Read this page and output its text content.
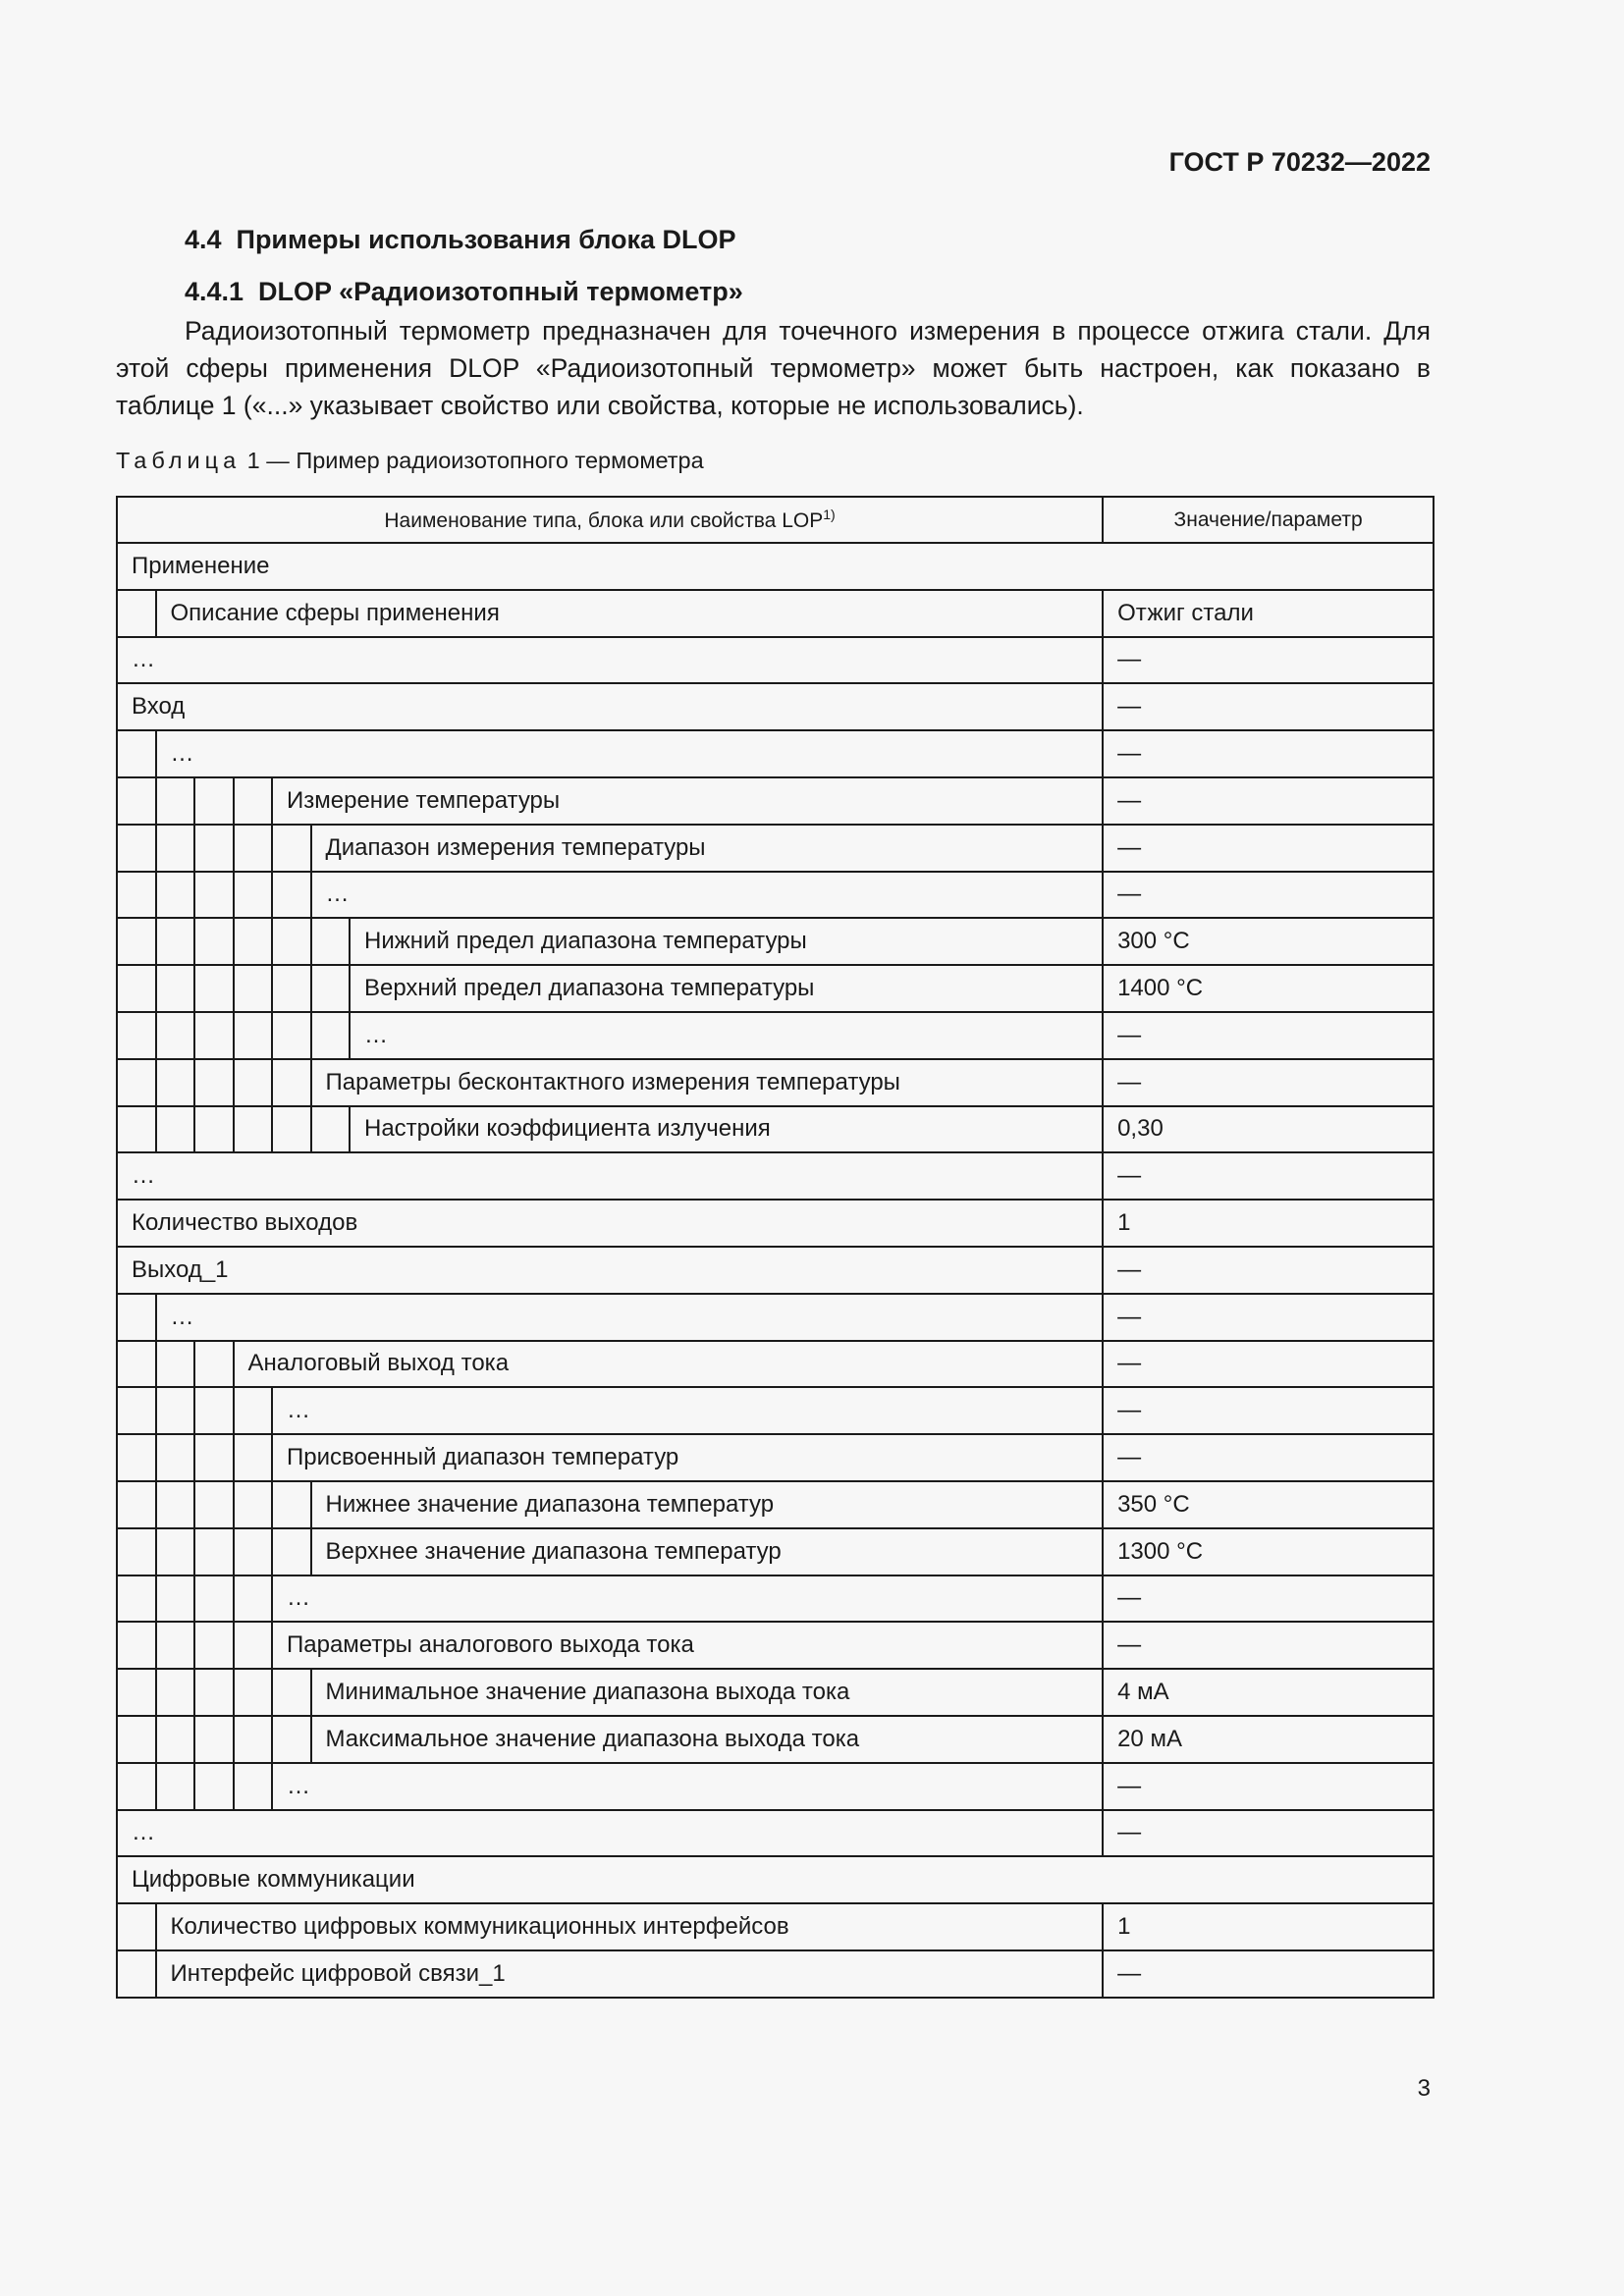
ГОСТ Р 70232—2022
4.4  Примеры использования блока DLOP
4.4.1  DLOP «Радиоизотопный термометр»

Радиоизотопный термометр предназначен для точечного измерения в процессе отжига стали. Для этой сферы применения DLOP «Радиоизотопный термометр» может быть настроен, как показано в таблице 1 («...» указывает свойство или свойства, которые не использовались).

Таблица 1 — Пример радиоизотопного термометра
Наименование типа, блока или свойства LOP$^{1)}$							Значение/параметр
Применение							
	Описание сферы применения						Отжиг стали
…							—
Вход							—
	…						—
				Измерение температуры			—
					Диапазон измерения температуры		—
					…		—
						Нижний предел диапазона температуры	300 °C
						Верхний предел диапазона температуры	1400 °C
						…	—
					Параметры бесконтактного измерения температуры		—
						Настройки коэффициента излучения	0,30
…							—
Количество выходов							1
Выход_1							—
	…						—
			Аналоговый выход тока				—
				…			—
				Присвоенный диапазон температур			—
					Нижнее значение диапазона температур		350 °C
					Верхнее значение диапазона температур		1300 °C
				…			—
				Параметры аналогового выхода тока			—
					Минимальное значение диапазона выхода тока		4 мА
					Максимальное значение диапазона выхода тока		20 мА
				…			—
…							—
Цифровые коммуникации							
	Количество цифровых коммуникационных интерфейсов						1
	Интерфейс цифровой связи_1						—
3
